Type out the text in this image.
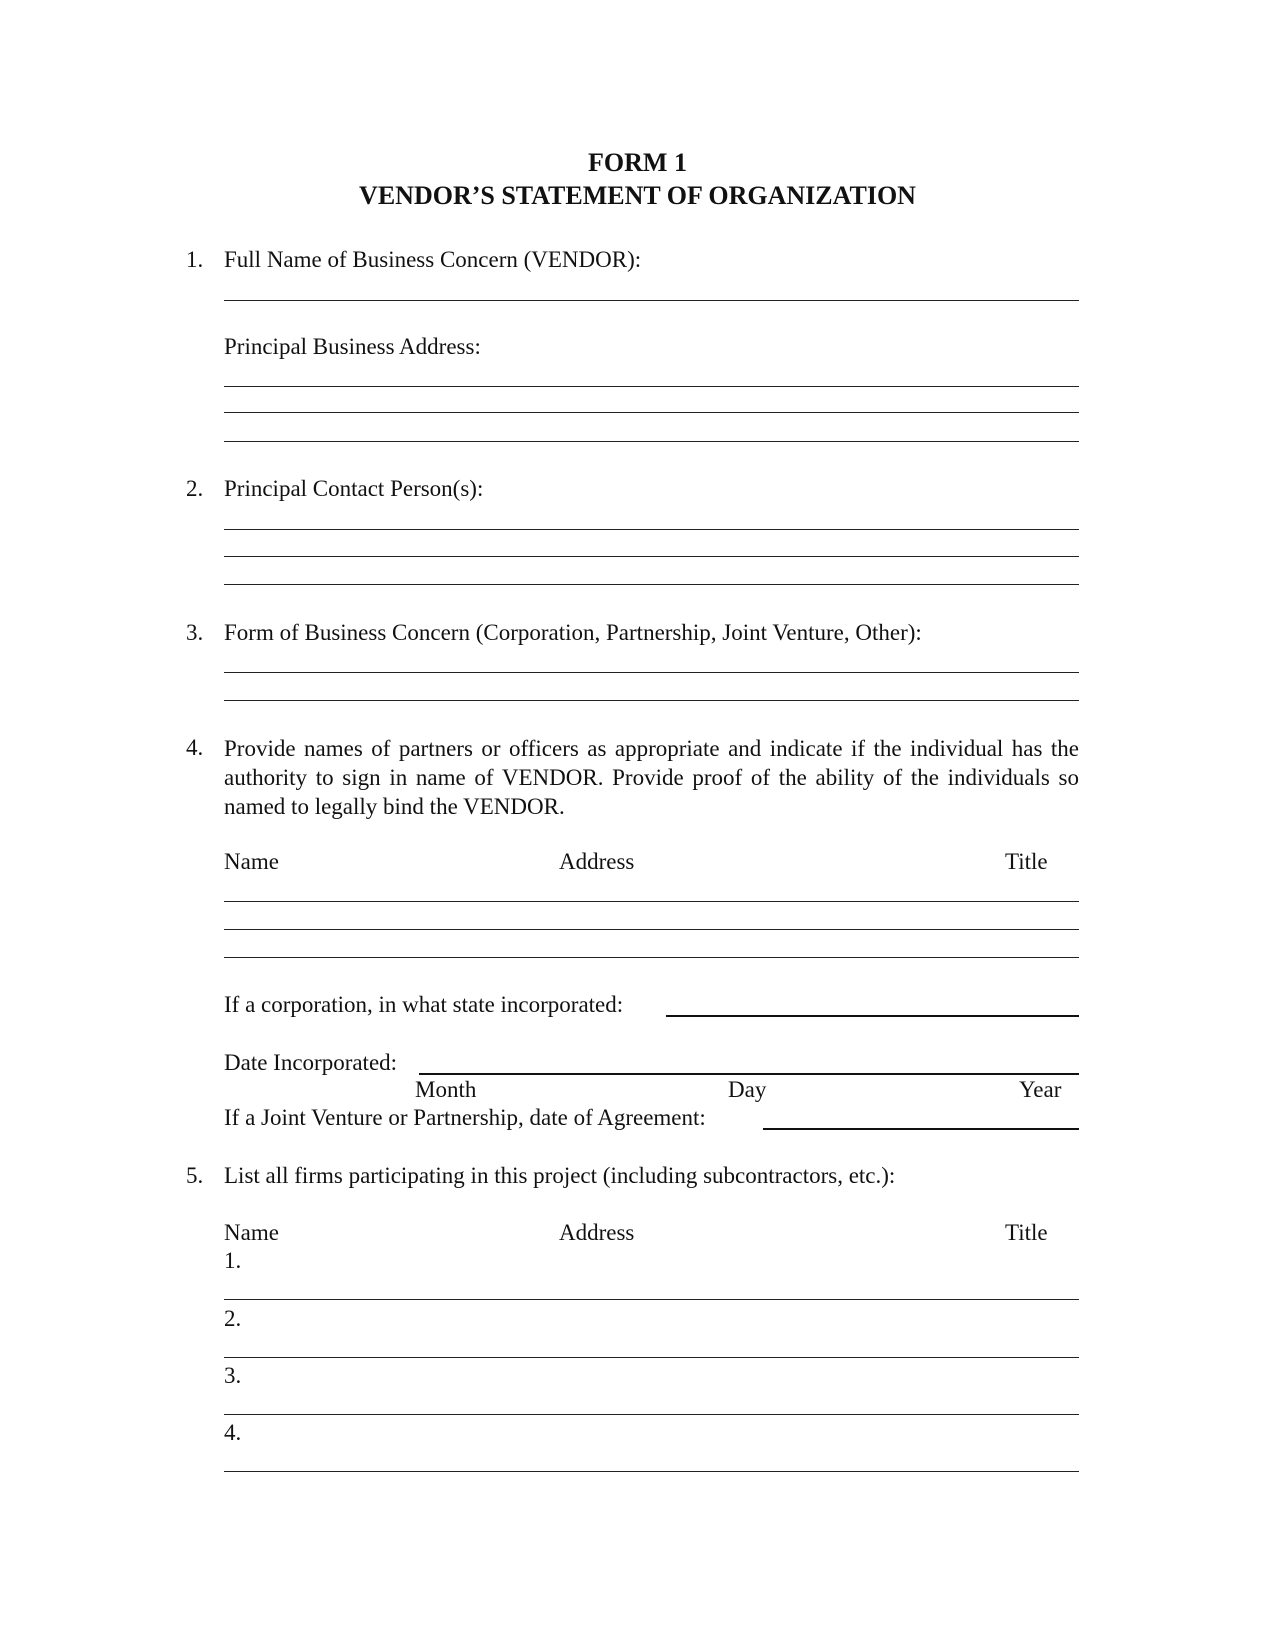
FORM 1
VENDOR’S STATEMENT OF ORGANIZATION
1. Full Name of Business Concern (VENDOR):
Principal Business Address:
2. Principal Contact Person(s):
3. Form of Business Concern (Corporation, Partnership, Joint Venture, Other):
4. Provide names of partners or officers as appropriate and indicate if the individual has the authority to sign in name of VENDOR. Provide proof of the ability of the individuals so named to legally bind the VENDOR.
Name	Address	Title
If a corporation, in what state incorporated:
Date Incorporated:
Month	Day	Year
If a Joint Venture or Partnership, date of Agreement:
5. List all firms participating in this project (including subcontractors, etc.):
Name	Address	Title
1.
2.
3.
4.
